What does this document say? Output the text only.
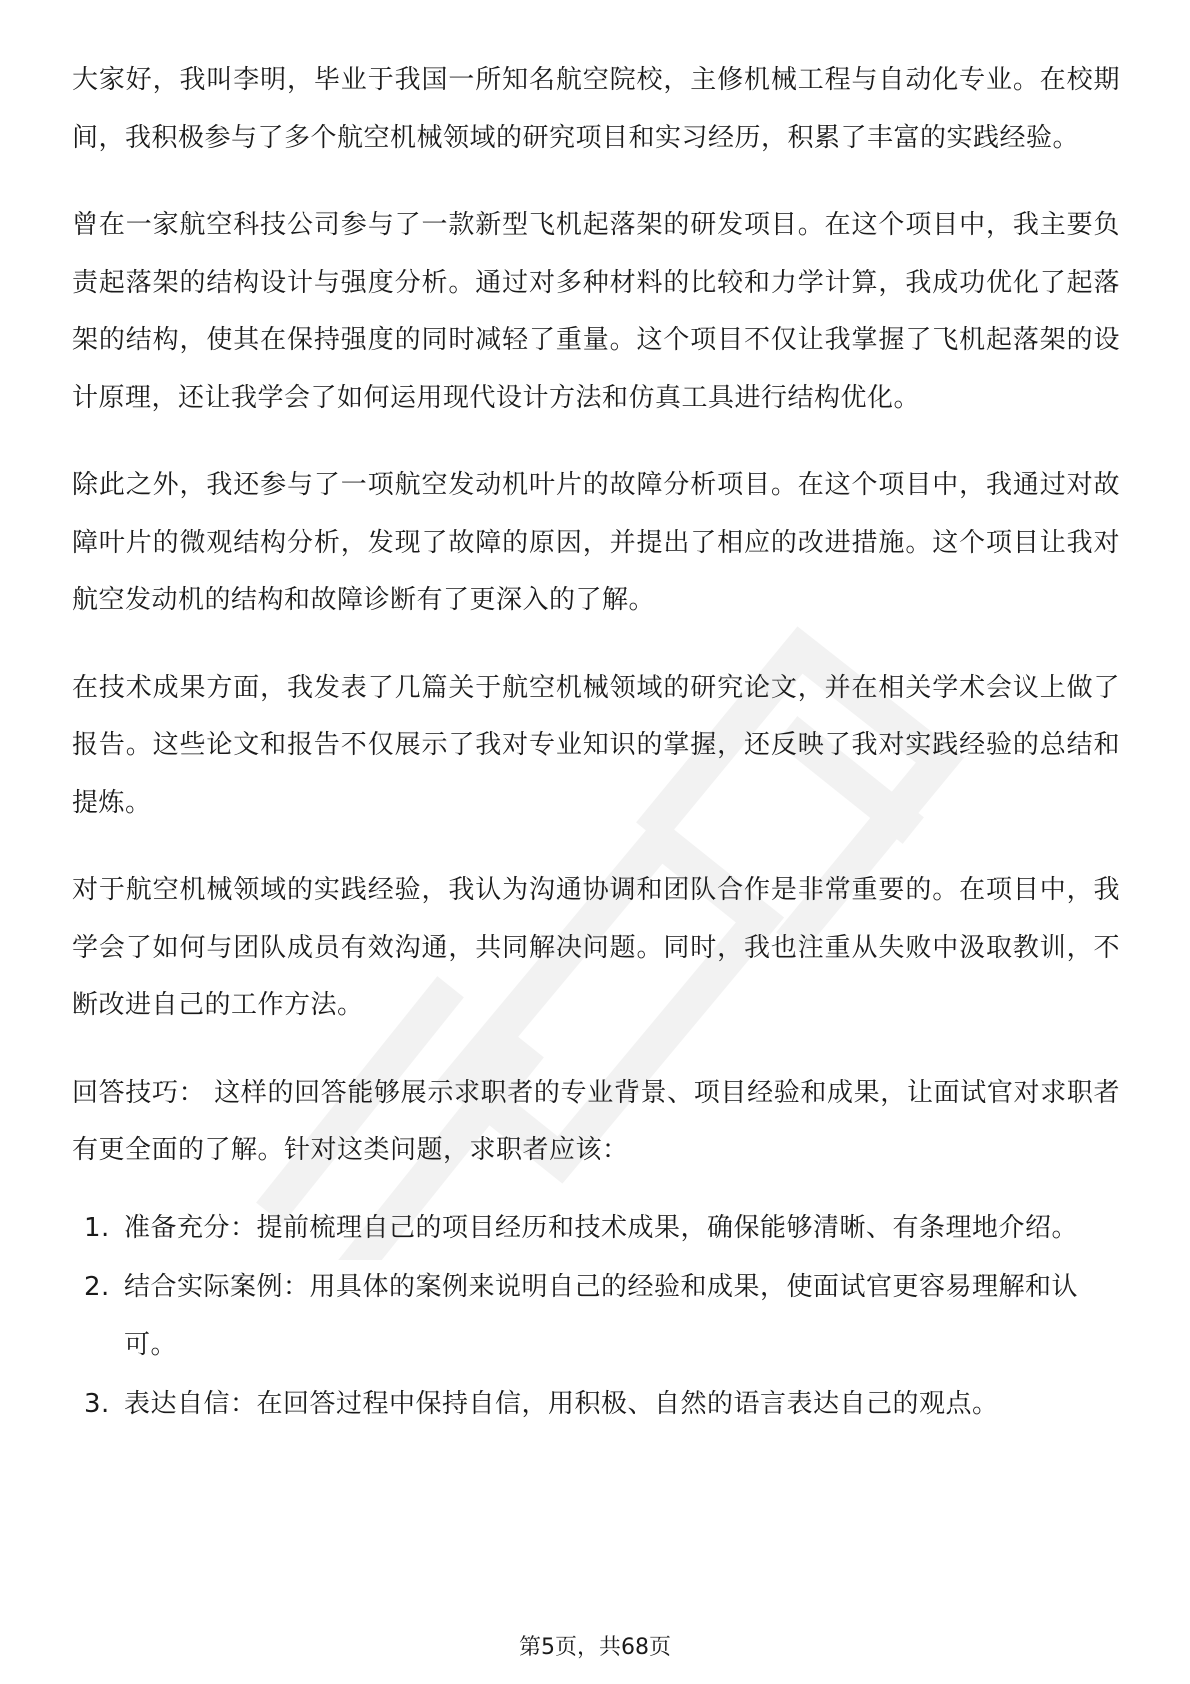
大家好，我叫李明，毕业于我国一所知名航空院校，主修机械工程与自动化专业。在校期间，我积极参与了多个航空机械领域的研究项目和实习经历，积累了丰富的实践经验。

曾在一家航空科技公司参与了一款新型飞机起落架的研发项目。在这个项目中，我主要负责起落架的结构设计与强度分析。通过对多种材料的比较和力学计算，我成功优化了起落架的结构，使其在保持强度的同时减轻了重量。这个项目不仅让我掌握了飞机起落架的设计原理，还让我学会了如何运用现代设计方法和仿真工具进行结构优化。

除此之外，我还参与了一项航空发动机叶片的故障分析项目。在这个项目中，我通过对故障叶片的微观结构分析，发现了故障的原因，并提出了相应的改进措施。这个项目让我对航空发动机的结构和故障诊断有了更深入的了解。

在技术成果方面，我发表了几篇关于航空机械领域的研究论文，并在相关学术会议上做了报告。这些论文和报告不仅展示了我对专业知识的掌握，还反映了我对实践经验的总结和提炼。

对于航空机械领域的实践经验，我认为沟通协调和团队合作是非常重要的。在项目中，我学会了如何与团队成员有效沟通，共同解决问题。同时，我也注重从失败中汲取教训，不断改进自己的工作方法。

回答技巧： 这样的回答能够展示求职者的专业背景、项目经验和成果，让面试官对求职者有更全面的了解。针对这类问题，求职者应该：

1. 准备充分：提前梳理自己的项目经历和技术成果，确保能够清晰、有条理地介绍。
2. 结合实际案例：用具体的案例来说明自己的经验和成果，使面试官更容易理解和认可。
3. 表达自信：在回答过程中保持自信，用积极、自然的语言表达自己的观点。
第5页，共68页
